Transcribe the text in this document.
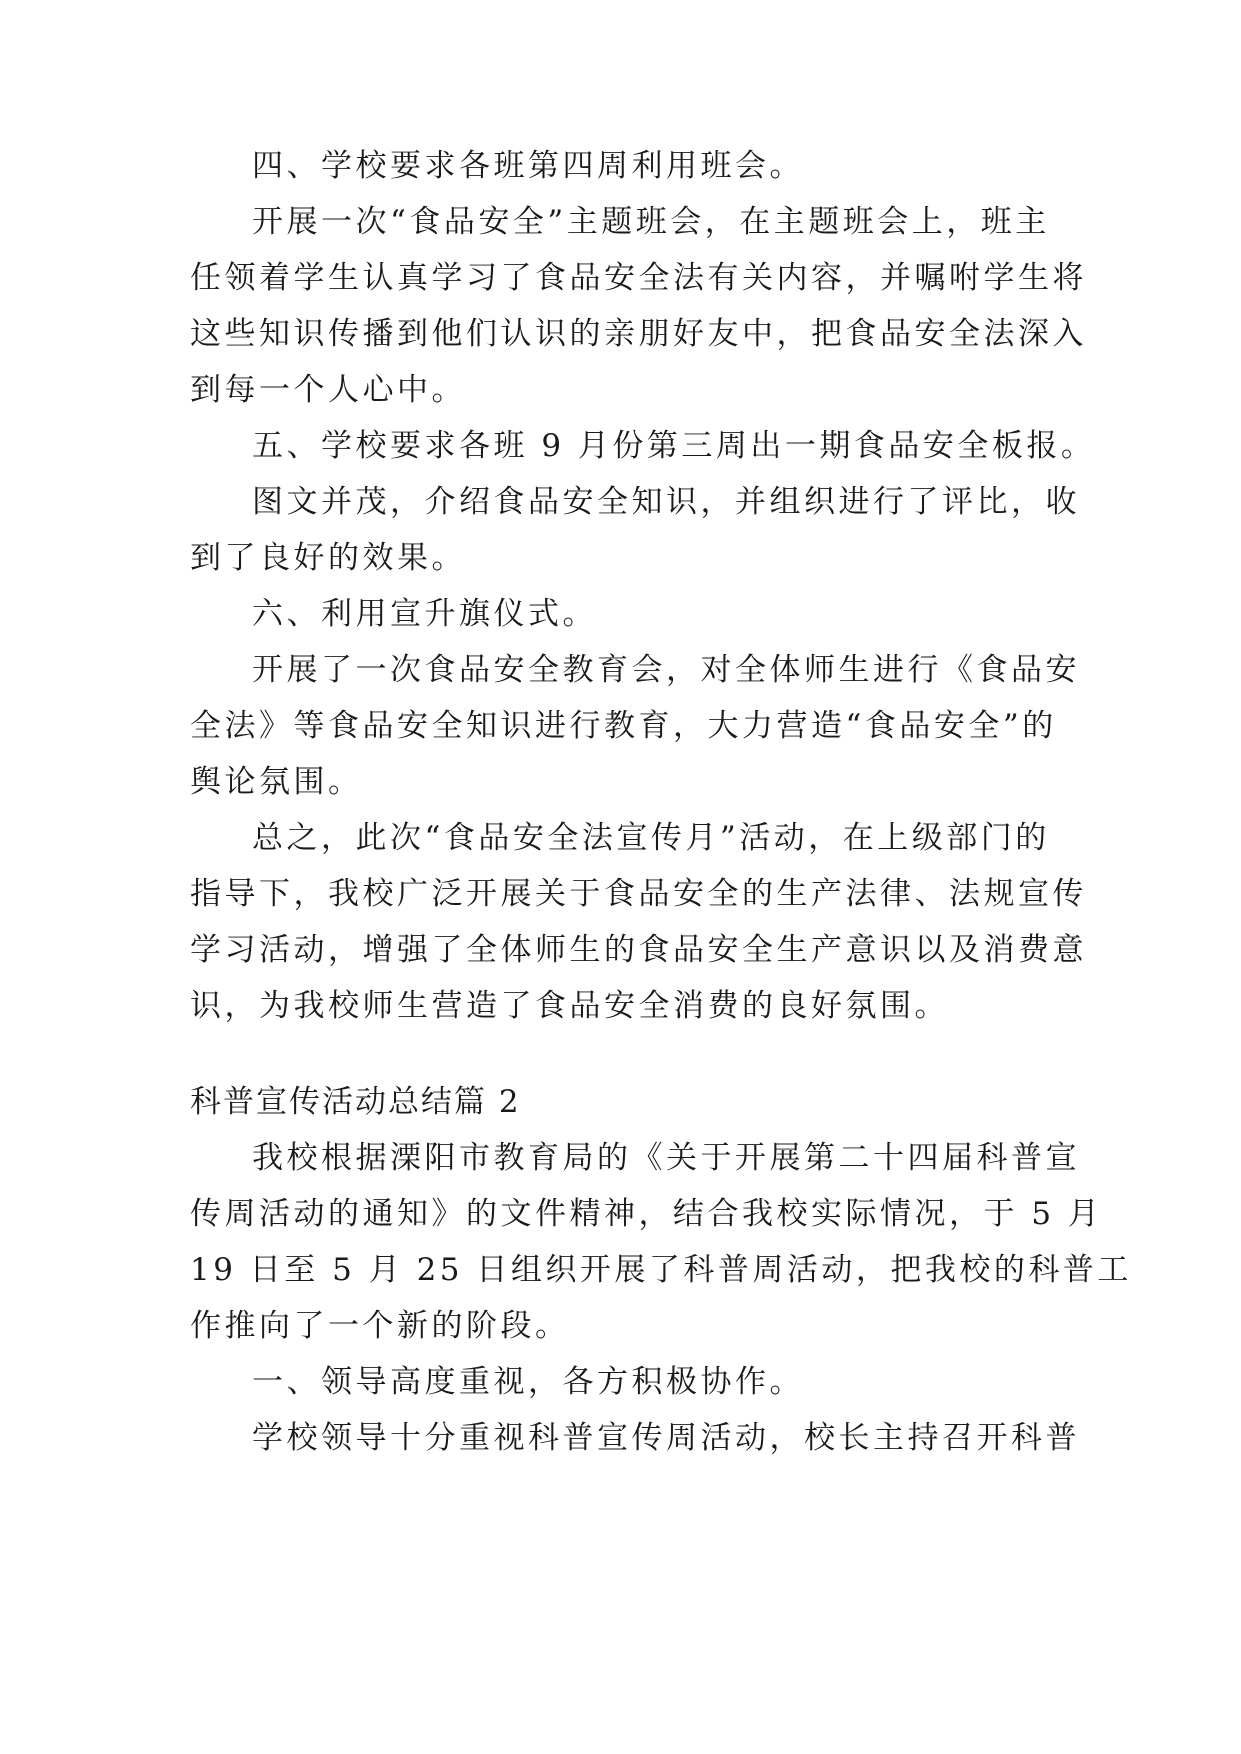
四、学校要求各班第四周利用班会。
开展一次“食品安全”主题班会，在主题班会上，班主
任领着学生认真学习了食品安全法有关内容，并嘱咐学生将
这些知识传播到他们认识的亲朋好友中，把食品安全法深入
到每一个人心中。
五、学校要求各班 9 月份第三周出一期食品安全板报。
图文并茂，介绍食品安全知识，并组织进行了评比，收
到了良好的效果。
六、利用宣升旗仪式。
开展了一次食品安全教育会，对全体师生进行《食品安
全法》等食品安全知识进行教育，大力营造“食品安全”的
舆论氛围。
总之，此次“食品安全法宣传月”活动，在上级部门的
指导下，我校广泛开展关于食品安全的生产法律、法规宣传
学习活动，增强了全体师生的食品安全生产意识以及消费意
识，为我校师生营造了食品安全消费的良好氛围。
科普宣传活动总结篇 2
我校根据溧阳市教育局的《关于开展第二十四届科普宣
传周活动的通知》的文件精神，结合我校实际情况，于 5 月
19 日至 5 月 25 日组织开展了科普周活动，把我校的科普工
作推向了一个新的阶段。
一、领导高度重视，各方积极协作。
学校领导十分重视科普宣传周活动，校长主持召开科普
